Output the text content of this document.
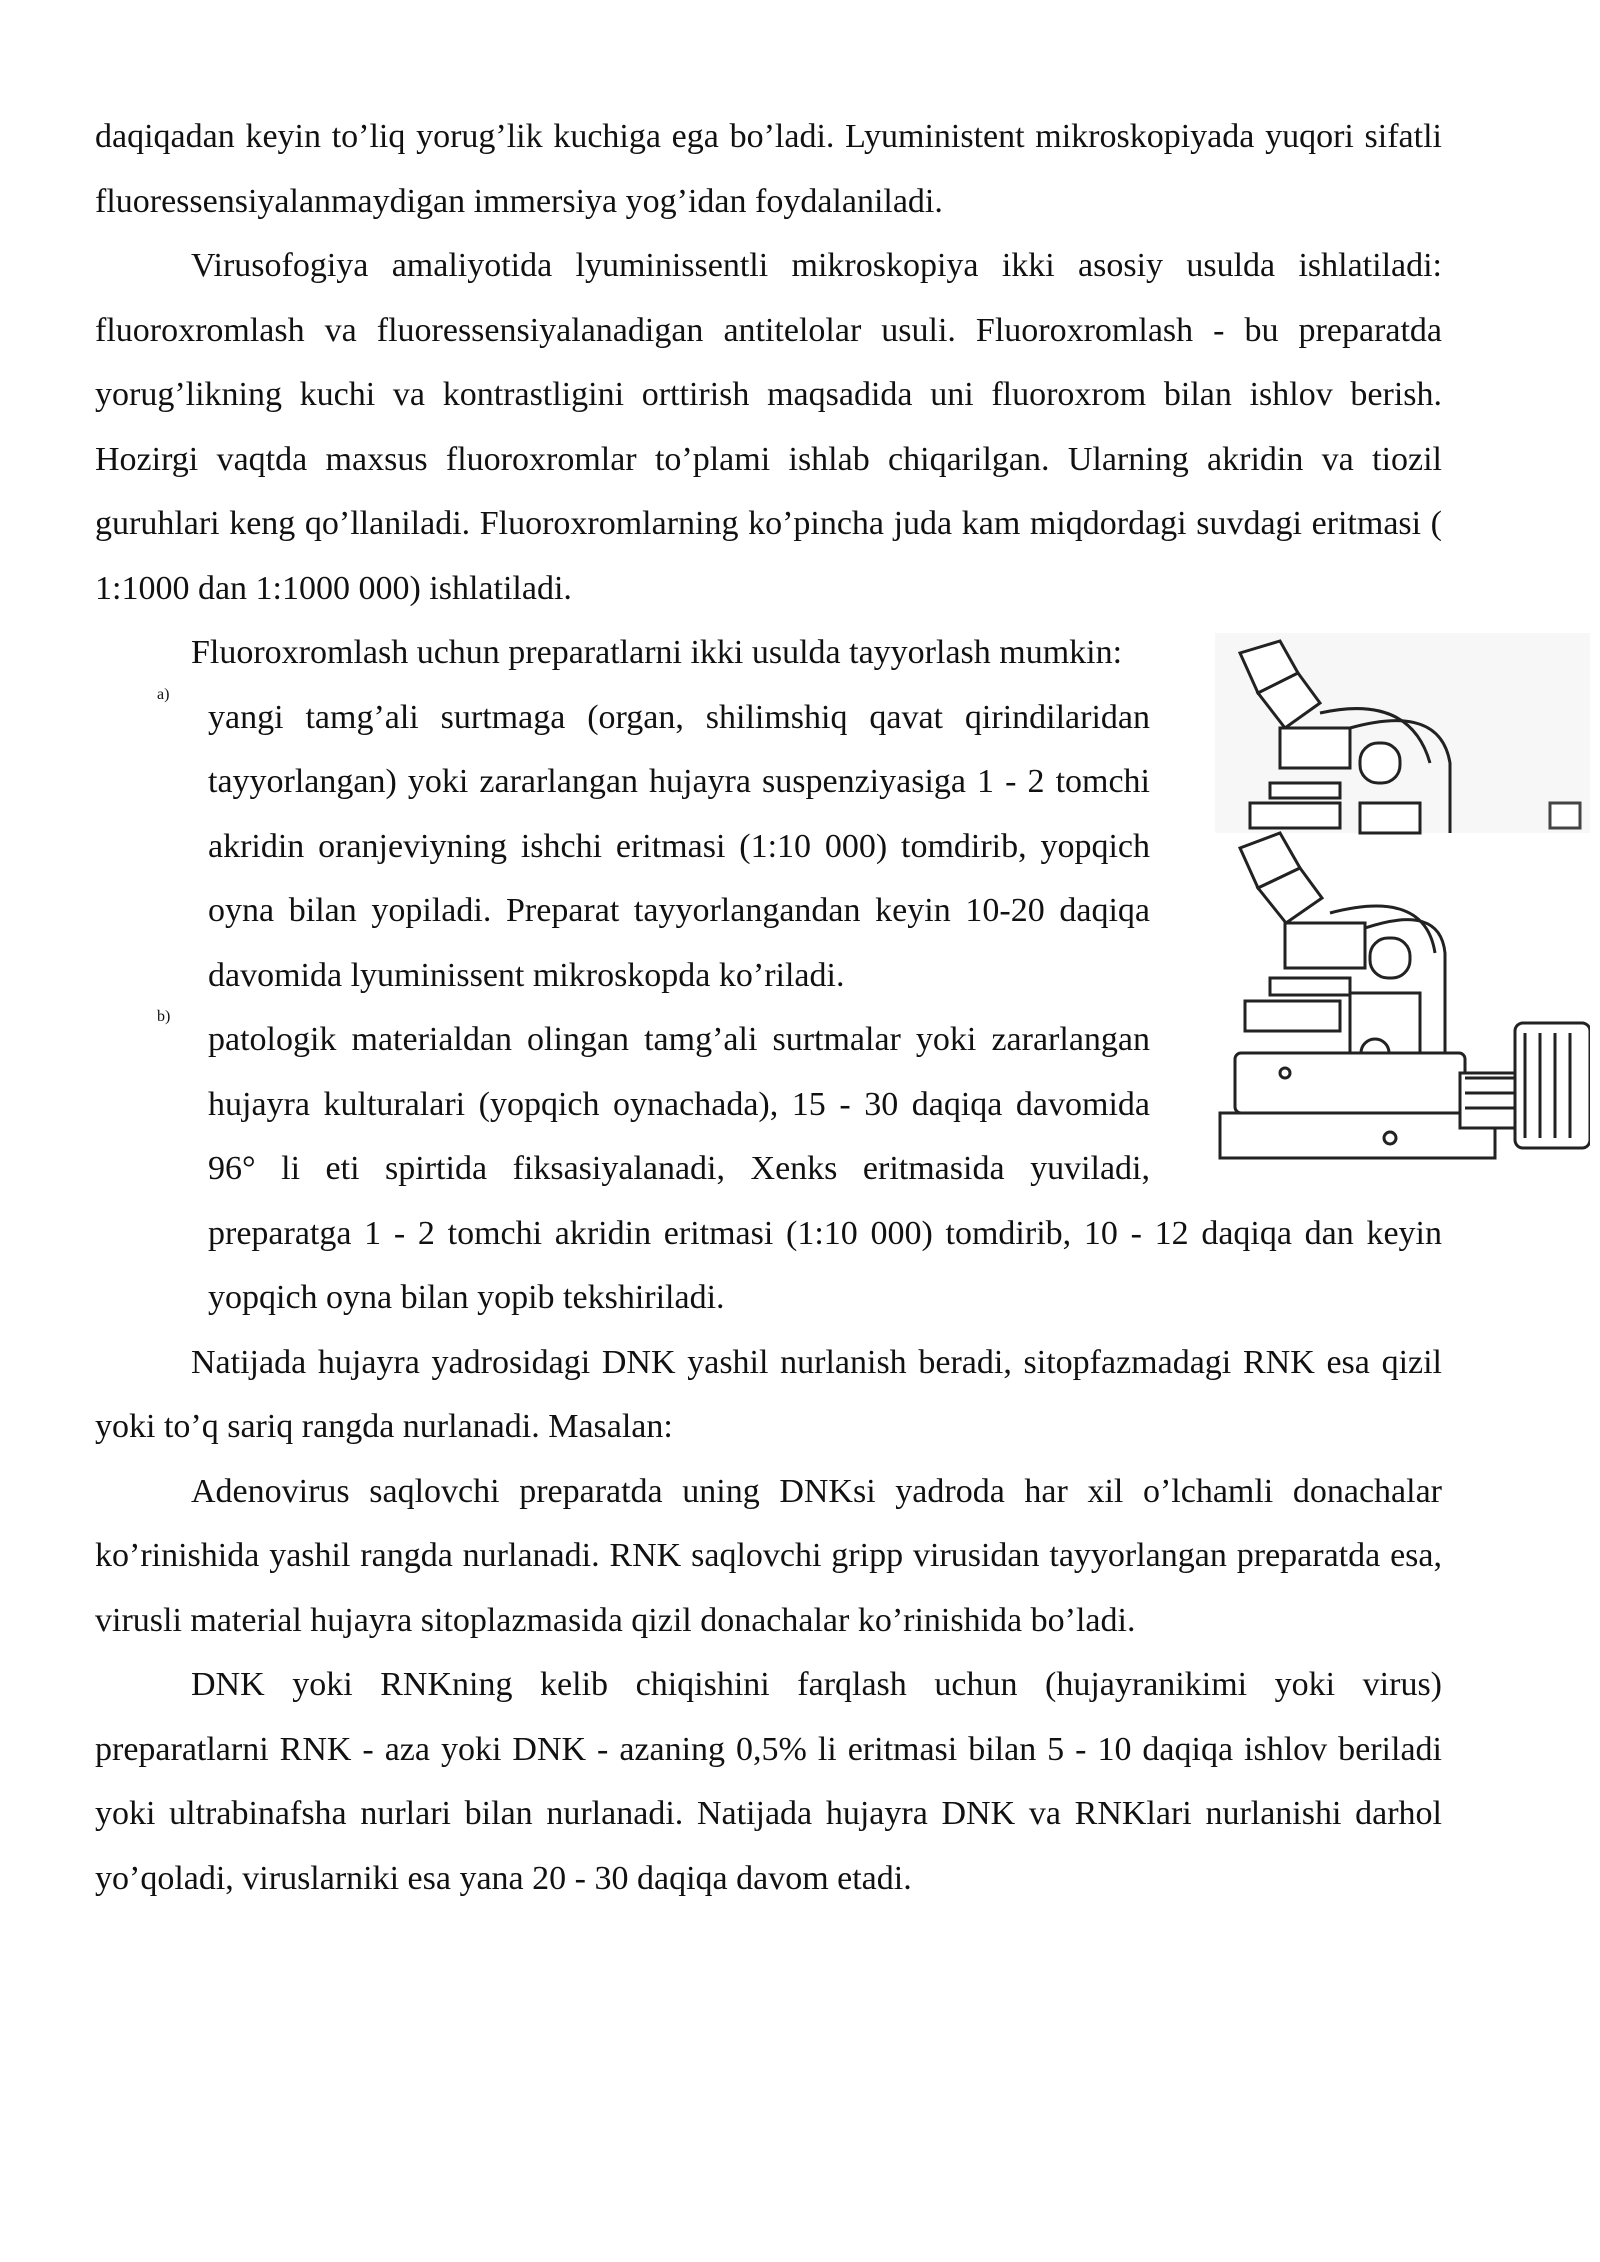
daqiqadan keyin to’liq yorug’lik kuchiga ega bo’ladi. Lyuministent mikroskopiyada yuqori sifatli fluoressensiyalanmaydigan immersiya yog’idan foydalaniladi.

Virusofogiya amaliyotida lyuminissentli mikroskopiya ikki asosiy usulda ishlatiladi: fluoroxromlash va fluoressensiyalanadigan antitelolar usuli. Fluoroxromlash - bu preparatda yorug’likning kuchi va kontrastligini orttirish maqsadida uni fluoroxrom bilan ishlov berish. Hozirgi vaqtda maxsus fluoroxromlar to’plami ishlab chiqarilgan. Ularning akridin va tiozil guruhlari keng qo’llaniladi. Fluoroxromlarning ko’pincha juda kam miqdordagi suvdagi eritmasi ( 1:1000 dan 1:1000 000) ishlatiladi.

Fluoroxromlash uchun preparatlarni ikki usulda tayyorlash mumkin:

a)

yangi tamg’ali surtmaga (organ, shilimshiq qavat qirindilaridan tayyorlangan) yoki zararlangan hujayra suspenziyasiga 1 - 2 tomchi akridin oranjeviyning ishchi eritmasi (1:10 000) tomdirib, yopqich oyna bilan yopiladi. Preparat tayyorlangandan keyin 10-20 daqiqa davomida lyuminissent mikroskopda ko’riladi.

b)

patologik materialdan olingan tamg’ali surtmalar yoki zararlangan hujayra kulturalari (yopqich oynachada), 15 - 30 daqiqa davomida 96° li eti spirtida fiksasiyalanadi, Xenks eritmasida yuviladi, preparatga 1 - 2 tomchi akridin eritmasi (1:10 000) tomdirib, 10 - 12 daqiqa dan keyin yopqich oyna bilan yopib tekshiriladi.

Natijada hujayra yadrosidagi DNK yashil nurlanish beradi, sitopfazmadagi RNK esa qizil yoki to’q sariq rangda nurlanadi. Masalan:

Adenovirus saqlovchi preparatda uning DNKsi yadroda har xil o’lchamli donachalar ko’rinishida yashil rangda nurlanadi. RNK saqlovchi gripp virusidan tayyorlangan preparatda esa, virusli material hujayra sitoplazmasida qizil donachalar ko’rinishida bo’ladi.

DNK yoki RNKning kelib chiqishini farqlash uchun (hujayranikimi yoki virus) preparatlarni RNK - aza yoki DNK - azaning 0,5% li eritmasi bilan 5 - 10 daqiqa ishlov beriladi yoki ultrabinafsha nurlari bilan nurlanadi. Natijada hujayra DNK va RNKlari nurlanishi darhol yo’qoladi, viruslarniki esa yana 20 - 30 daqiqa davom etadi.
